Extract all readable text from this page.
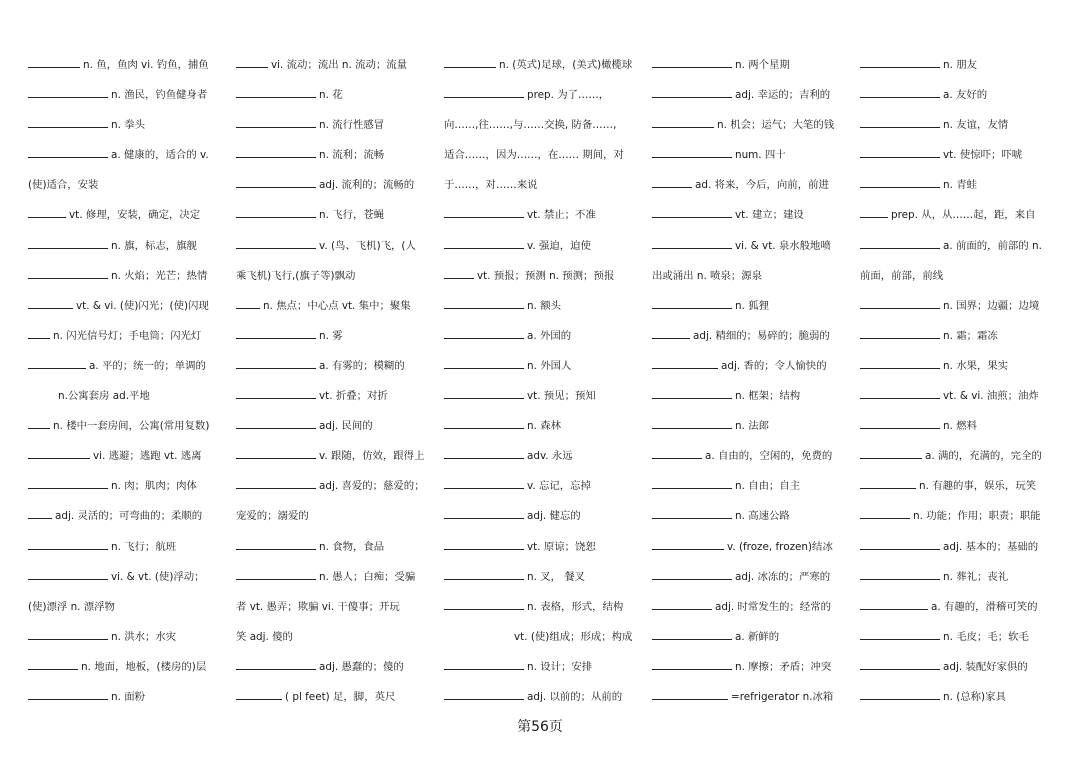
n. 鱼，鱼肉 vi. 钓鱼，捕鱼
n. 渔民，钓鱼健身者
n. 拳头
a. 健康的，适合的 v.
(使)适合，安装
vt. 修理，安装，确定，决定
n. 旗，标志，旗舰
n. 火焰；光芒；热情
vt. & vi. (使)闪光；(使)闪现
n. 闪光信号灯；手电筒；闪光灯
a. 平的；统一的；单调的
n.公寓套房 ad.平地
n. 楼中一套房间，公寓(常用复数)
vi. 逃避；逃跑 vt. 逃离
n. 肉；肌肉；肉体
adj. 灵活的；可弯曲的；柔顺的
n. 飞行；航班
vi. & vt. (使)浮动；
(使)漂浮 n. 漂浮物
n. 洪水；水灾
n. 地面，地板，(楼房的)层
n. 面粉
vi. 流动；流出 n. 流动；流量
n. 花
n. 流行性感冒
n. 流利；流畅
adj. 流利的；流畅的
n. 飞行，苍蝇
v. (鸟、飞机)飞，(人
乘飞机)飞行,(旗子等)飘动
n. 焦点；中心点 vt. 集中；聚集
n. 雾
a. 有雾的；模糊的
vt. 折叠；对折
adj. 民间的
v. 跟随，仿效，跟得上
adj. 喜爱的；慈爱的；
宠爱的；溺爱的
n. 食物，食品
n. 愚人；白痴；受骗
者 vt. 愚弄；欺骗 vi. 干傻事；开玩
笑 adj. 傻的
adj. 愚蠢的；傻的
( pl feet) 足，脚，英尺
n. (英式)足球，(美式)橄榄球
prep. 为了……，
向……,往……,与……交换, 防备……,
适合……，因为……，在…… 期间，对
于……，对……来说
vt. 禁止；不准
v. 强迫，迫使
vt. 预报；预测 n. 预测；预报
n. 额头
a. 外国的
n. 外国人
vt. 预见；预知
n. 森林
adv. 永远
v. 忘记，忘掉
adj. 健忘的
vt. 原谅；饶恕
n. 叉， 餐叉
n. 表格，形式，结构
vt. (使)组成；形成；构成
n. 设计；安排
adj. 以前的；从前的
n. 两个星期
adj. 幸运的；吉利的
n. 机会；运气；大笔的钱
num. 四十
ad. 将来，今后，向前，前进
vt. 建立；建设
vi. & vt. 泉水般地喷
出或涌出 n. 喷泉；源泉
n. 狐狸
adj. 精细的；易碎的；脆弱的
adj. 香的；令人愉快的
n. 框架；结构
n. 法郎
a. 自由的，空闲的，免费的
n. 自由；自主
n. 高速公路
v. (froze, frozen)结冰
adj. 冰冻的；严寒的
adj. 时常发生的；经常的
a. 新鲜的
n. 摩擦；矛盾；冲突
=refrigerator n.冰箱
n. 朋友
a. 友好的
n. 友谊，友情
vt. 使惊吓；吓唬
n. 青蛙
prep. 从，从……起，距，来自
a. 前面的，前部的 n.
前面，前部，前线
n. 国界；边疆；边境
n. 霜；霜冻
n. 水果，果实
vt. & vi. 油煎；油炸
n. 燃料
a. 满的，充满的，完全的
n. 有趣的事，娱乐，玩笑
n. 功能；作用；职责；职能
adj. 基本的；基础的
n. 葬礼；丧礼
a. 有趣的，滑稽可笑的
n. 毛皮；毛；软毛
adj. 装配好家俱的
n. (总称)家具
第56页
